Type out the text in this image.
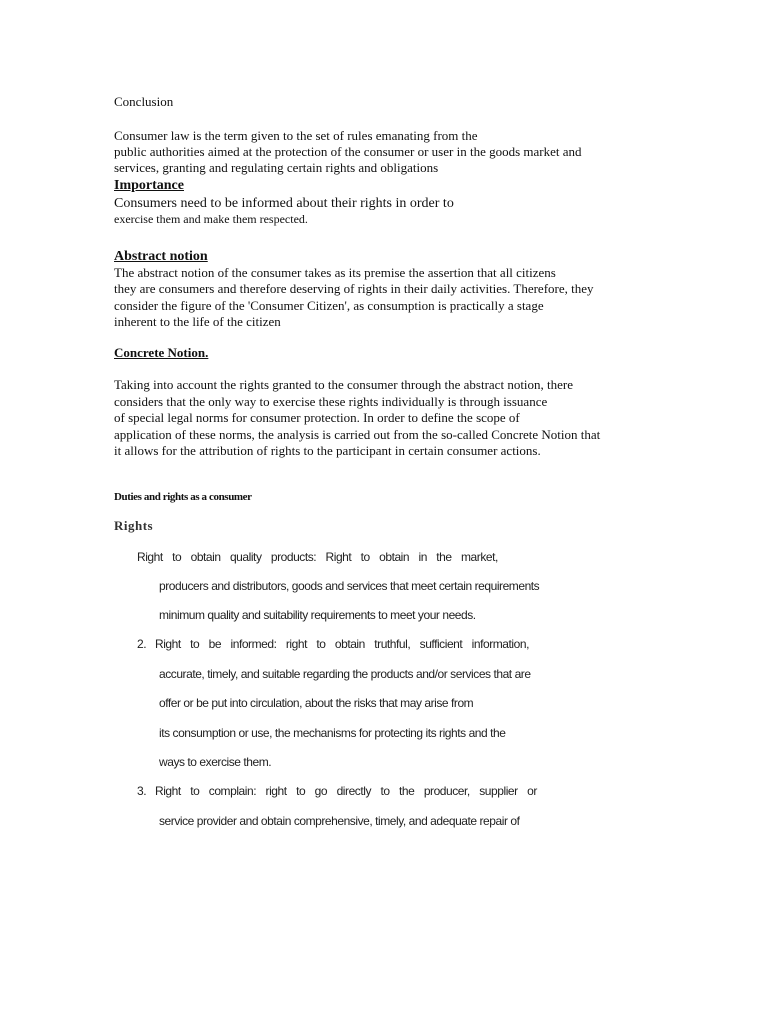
Conclusion

Consumer law is the term given to the set of rules emanating from the

public authorities aimed at the protection of the consumer or user in the goods market and

services, granting and regulating certain rights and obligations

Importance

Consumers need to be informed about their rights in order to

exercise them and make them respected.

Abstract notion

The abstract notion of the consumer takes as its premise the assertion that all citizens

they are consumers and therefore deserving of rights in their daily activities. Therefore, they

consider the figure of the 'Consumer Citizen', as consumption is practically a stage

inherent to the life of the citizen

Concrete Notion.

Taking into account the rights granted to the consumer through the abstract notion, there

considers that the only way to exercise these rights individually is through issuance

of special legal norms for consumer protection. In order to define the scope of

application of these norms, the analysis is carried out from the so-called Concrete Notion that

it allows for the attribution of rights to the participant in certain consumer actions.

Duties and rights as a consumer

Rights

Right to obtain quality products: Right to obtain in the market,

producers and distributors, goods and services that meet certain requirements

minimum quality and suitability requirements to meet your needs.

2. Right to be informed: right to obtain truthful, sufficient information,

accurate, timely, and suitable regarding the products and/or services that are

offer or be put into circulation, about the risks that may arise from

its consumption or use, the mechanisms for protecting its rights and the

ways to exercise them.

3. Right to complain: right to go directly to the producer, supplier or

service provider and obtain comprehensive, timely, and adequate repair of
